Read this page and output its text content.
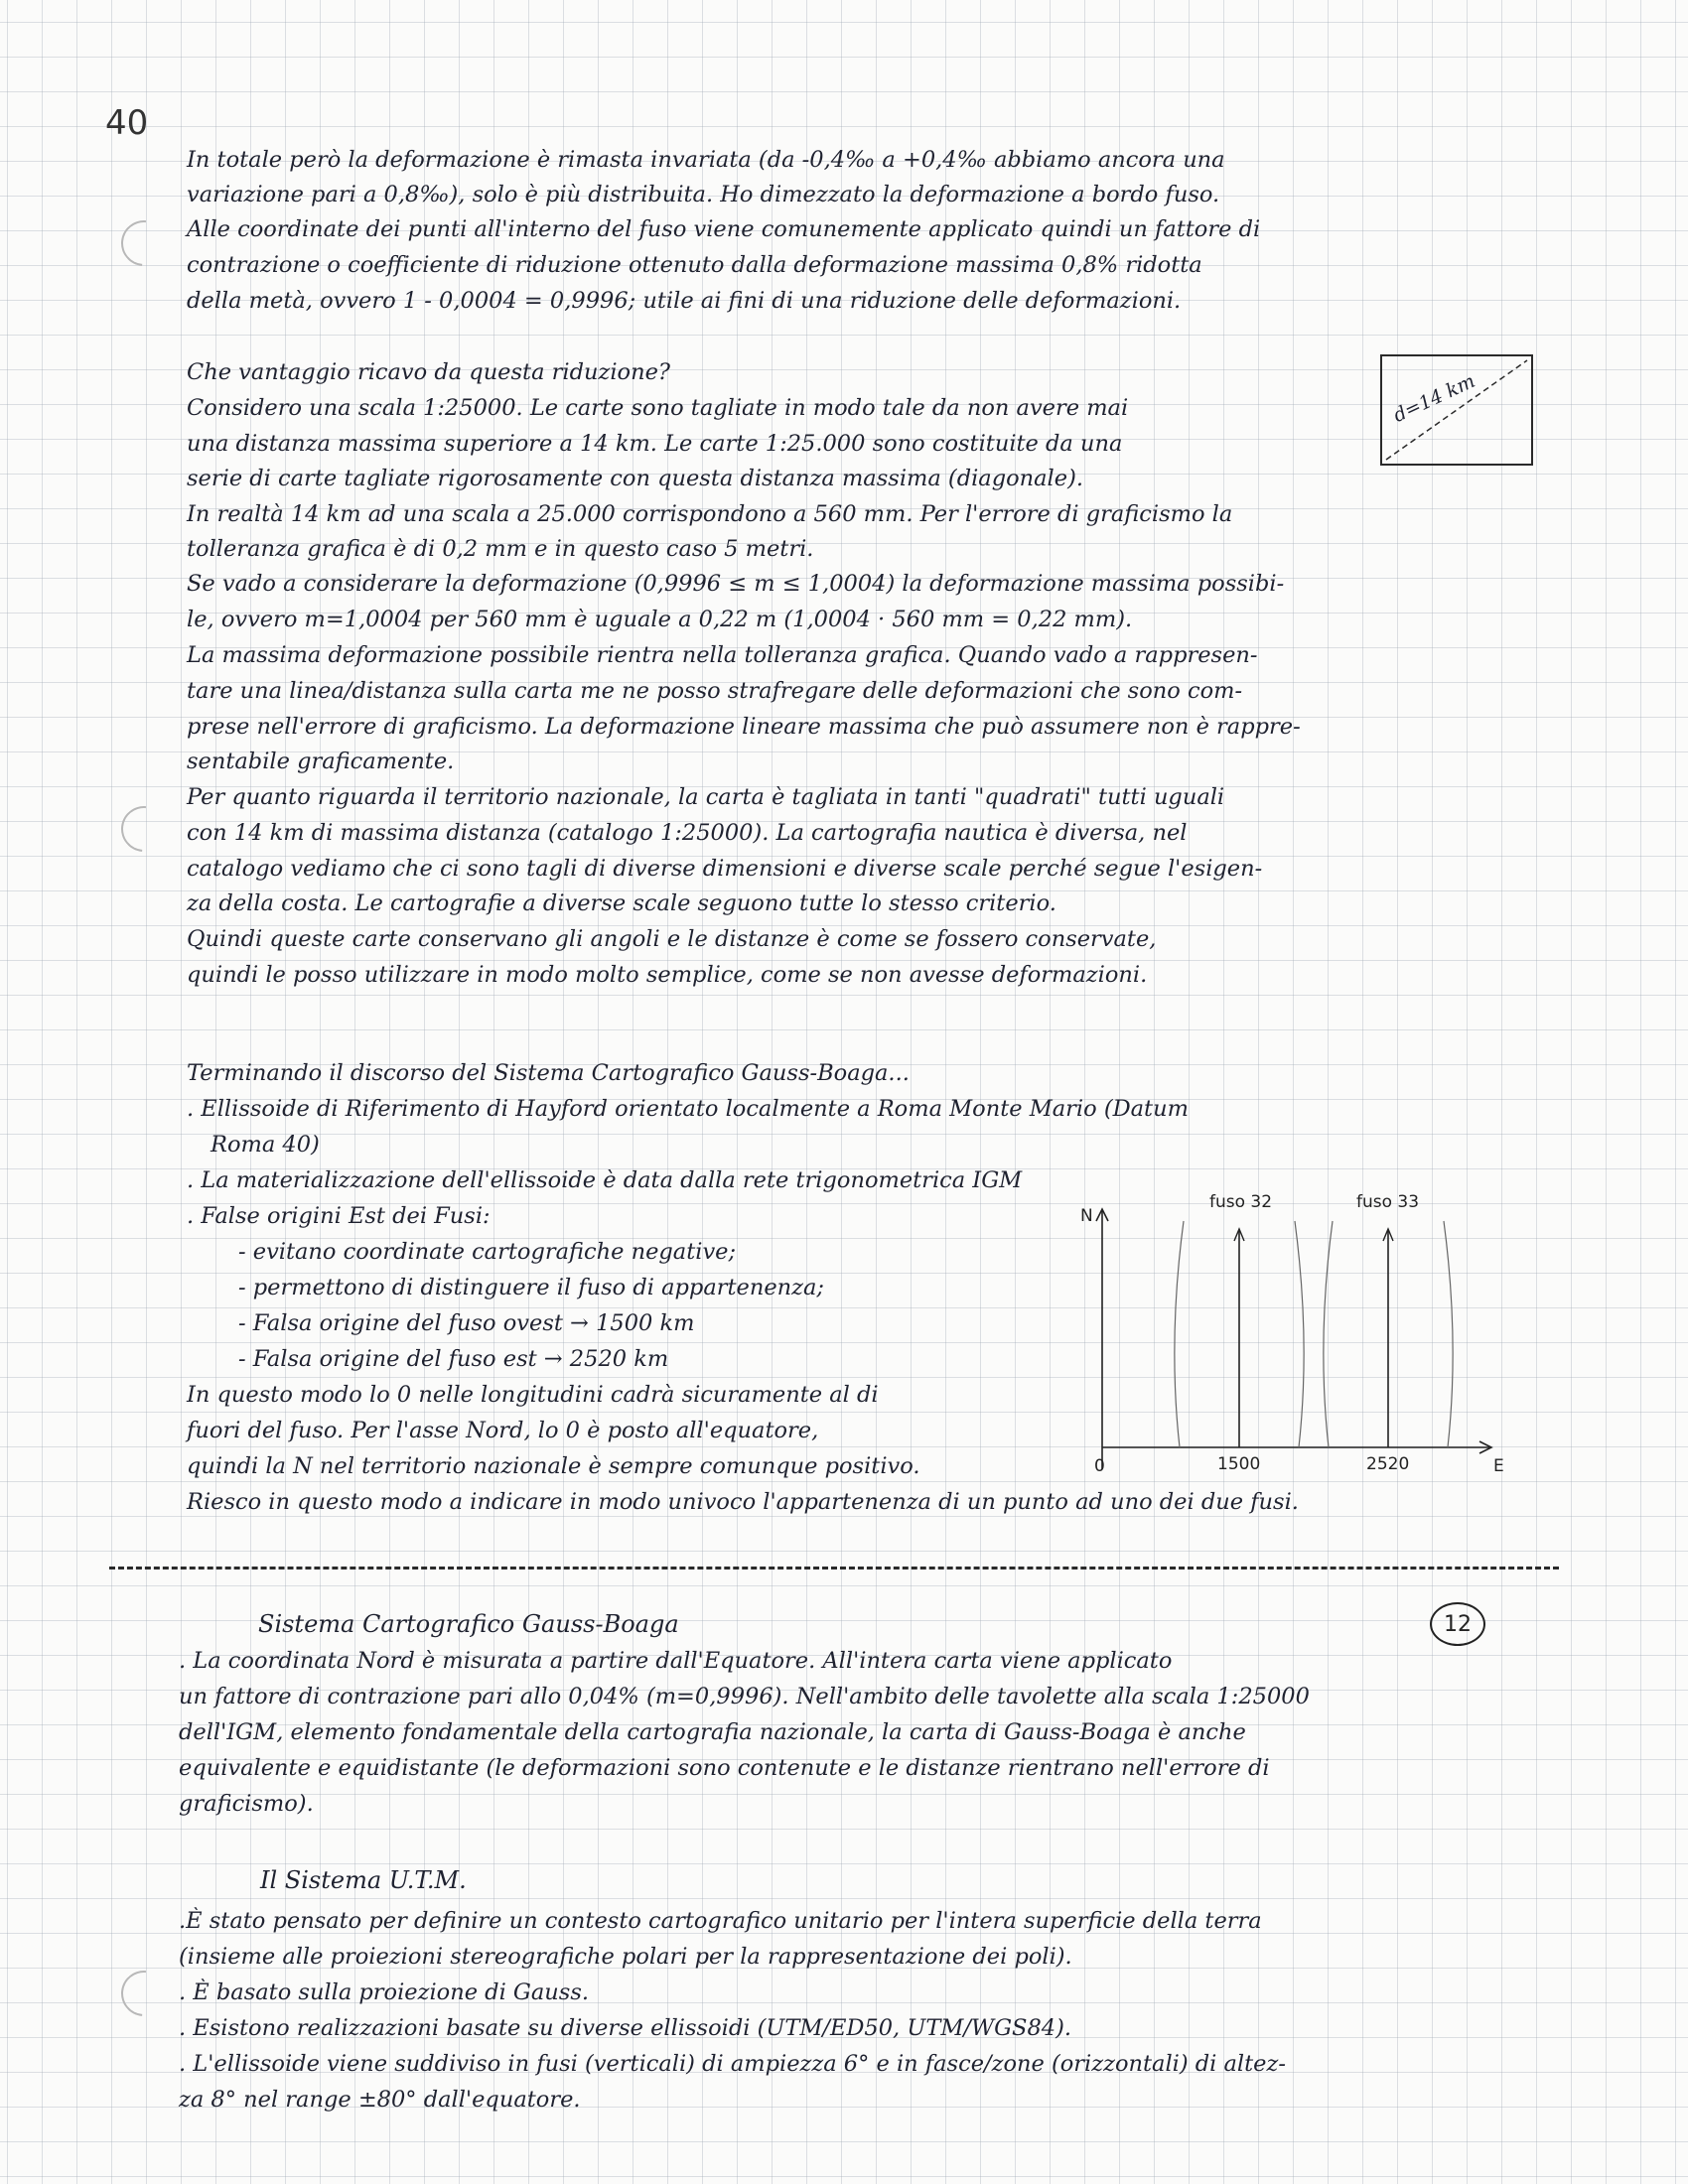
40
In totale però la deformazione è rimasta invariata (da -0,4‰ a +0,4‰ abbiamo ancora una
variazione pari a 0,8‰), solo è più distribuita. Ho dimezzato la deformazione a bordo fuso.
Alle coordinate dei punti all'interno del fuso viene comunemente applicato quindi un fattore di
contrazione o coefficiente di riduzione ottenuto dalla deformazione massima 0,8% ridotta
della metà, ovvero 1 - 0,0004 = 0,9996; utile ai fini di una riduzione delle deformazioni.
Che vantaggio ricavo da questa riduzione?
Considero una scala 1:25000. Le carte sono tagliate in modo tale da non avere mai
una distanza massima superiore a 14 km. Le carte 1:25.000 sono costituite da una
serie di carte tagliate rigorosamente con questa distanza massima (diagonale).
In realtà 14 km ad una scala a 25.000 corrispondono a 560 mm. Per l'errore di graficismo la
tolleranza grafica è di 0,2 mm e in questo caso 5 metri.
Se vado a considerare la deformazione (0,9996 ≤ m ≤ 1,0004) la deformazione massima possibi-
le, ovvero m=1,0004 per 560 mm è uguale a 0,22 m (1,0004 · 560 mm = 0,22 mm).
La massima deformazione possibile rientra nella tolleranza grafica. Quando vado a rappresen-
tare una linea/distanza sulla carta me ne posso strafregare delle deformazioni che sono com-
prese nell'errore di graficismo. La deformazione lineare massima che può assumere non è rappre-
sentabile graficamente.
Per quanto riguarda il territorio nazionale, la carta è tagliata in tanti "quadrati" tutti uguali
con 14 km di massima distanza (catalogo 1:25000). La cartografia nautica è diversa, nel
catalogo vediamo che ci sono tagli di diverse dimensioni e diverse scale perché segue l'esigen-
za della costa. Le cartografie a diverse scale seguono tutte lo stesso criterio.
Quindi queste carte conservano gli angoli e le distanze è come se fossero conservate,
quindi le posso utilizzare in modo molto semplice, come se non avesse deformazioni.
d=14 km
Terminando il discorso del Sistema Cartografico Gauss-Boaga...
. Ellissoide di Riferimento di Hayford orientato localmente a Roma Monte Mario (Datum
Roma 40)
. La materializzazione dell'ellissoide è data dalla rete trigonometrica IGM
. False origini Est dei Fusi:
- evitano coordinate cartografiche negative;
- permettono di distinguere il fuso di appartenenza;
- Falsa origine del fuso ovest → 1500 km
- Falsa origine del fuso est → 2520 km
In questo modo lo 0 nelle longitudini cadrà sicuramente al di
fuori del fuso. Per l'asse Nord, lo 0 è posto all'equatore,
quindi la N nel territorio nazionale è sempre comunque positivo.
Riesco in questo modo a indicare in modo univoco l'appartenenza di un punto ad uno dei due fusi.
N
E
0	1500	2520
fuso 32	fuso 33
Sistema Cartografico Gauss-Boaga	12
. La coordinata Nord è misurata a partire dall'Equatore. All'intera carta viene applicato
un fattore di contrazione pari allo 0,04% (m=0,9996). Nell'ambito delle tavolette alla scala 1:25000
dell'IGM, elemento fondamentale della cartografia nazionale, la carta di Gauss-Boaga è anche
equivalente e equidistante (le deformazioni sono contenute e le distanze rientrano nell'errore di
graficismo).
Il Sistema U.T.M.
.È stato pensato per definire un contesto cartografico unitario per l'intera superficie della terra
(insieme alle proiezioni stereografiche polari per la rappresentazione dei poli).
. È basato sulla proiezione di Gauss.
. Esistono realizzazioni basate su diverse ellissoidi (UTM/ED50, UTM/WGS84).
. L'ellissoide viene suddiviso in fusi (verticali) di ampiezza 6° e in fasce/zone (orizzontali) di altez-
za 8° nel range ±80° dall'equatore.
